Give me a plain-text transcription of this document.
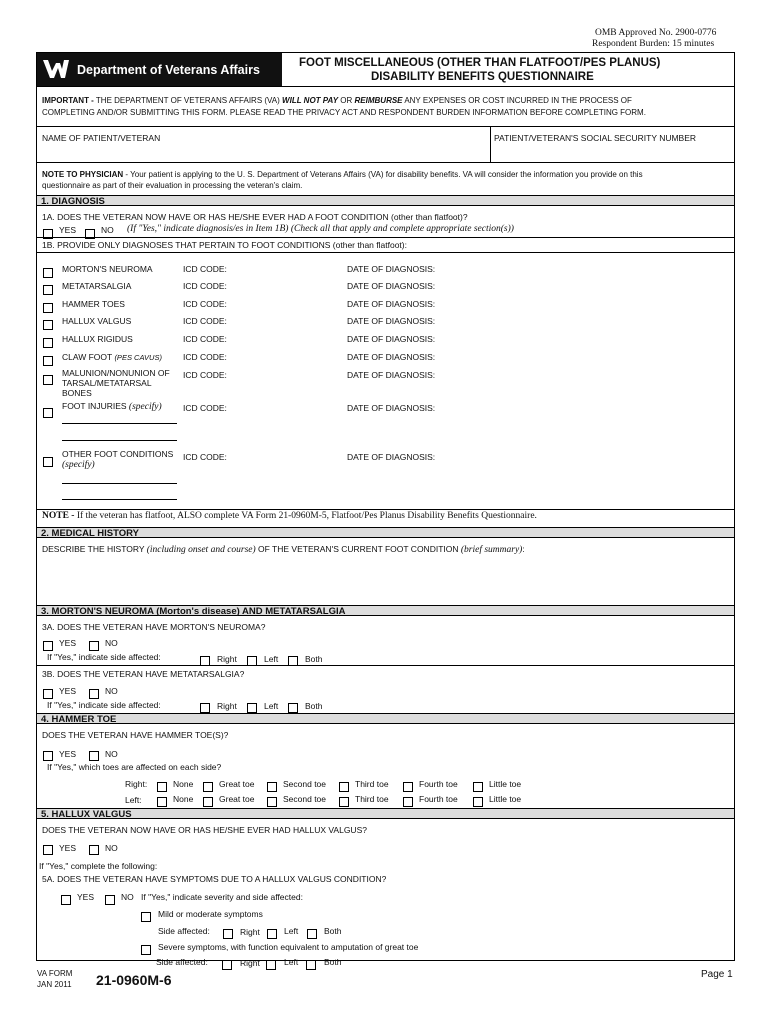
OMB Approved No. 2900-0776
Respondent Burden: 15 minutes
Department of Veterans Affairs	FOOT MISCELLANEOUS (OTHER THAN FLATFOOT/PES PLANUS)
DISABILITY BENEFITS QUESTIONNAIRE
IMPORTANT - THE DEPARTMENT OF VETERANS AFFAIRS (VA) WILL NOT PAY OR REIMBURSE ANY EXPENSES OR COST INCURRED IN THE PROCESS OF
COMPLETING AND/OR SUBMITTING THIS FORM. PLEASE READ THE PRIVACY ACT AND RESPONDENT BURDEN INFORMATION BEFORE COMPLETING FORM.
NAME OF PATIENT/VETERAN	PATIENT/VETERAN'S SOCIAL SECURITY NUMBER
NOTE TO PHYSICIAN - Your patient is applying to the U. S. Department of Veterans Affairs (VA) for disability benefits. VA will consider the information you provide on this
questionnaire as part of their evaluation in processing the veteran's claim.
1. DIAGNOSIS
1A. DOES THE VETERAN NOW HAVE OR HAS HE/SHE EVER HAD A FOOT CONDITION (other than flatfoot)?
YES	NO (If "Yes," indicate diagnosis/es in Item 1B) (Check all that apply and complete appropriate section(s))
1B. PROVIDE ONLY DIAGNOSES THAT PERTAIN TO FOOT CONDITIONS (other than flatfoot):
MORTON'S NEUROMA	ICD CODE:	DATE OF DIAGNOSIS:
METATARSALGIA	ICD CODE:	DATE OF DIAGNOSIS:
HAMMER TOES	ICD CODE:	DATE OF DIAGNOSIS:
HALLUX VALGUS	ICD CODE:	DATE OF DIAGNOSIS:
HALLUX RIGIDUS	ICD CODE:	DATE OF DIAGNOSIS:
CLAW FOOT (PES CAVUS) ICD CODE:	DATE OF DIAGNOSIS:
MALUNION/NONUNION OF
TARSAL/METATARSAL
BONES
ICD CODE:	DATE OF DIAGNOSIS:
FOOT INJURIES (specify)	ICD CODE:	DATE OF DIAGNOSIS:
OTHER FOOT CONDITIONS
(specify)
ICD CODE:	DATE OF DIAGNOSIS:
NOTE - If the veteran has flatfoot, ALSO complete VA Form 21-0960M-5, Flatfoot/Pes Planus Disability Benefits Questionnaire.
2. MEDICAL HISTORY
DESCRIBE THE HISTORY (including onset and course) OF THE VETERAN'S CURRENT FOOT CONDITION (brief summary):
3. MORTON'S NEUROMA (Morton's disease) AND METATARSALGIA
3A. DOES THE VETERAN HAVE MORTON'S NEUROMA?
YES	NO
If "Yes," indicate side affected:	Right	Left	Both
3B. DOES THE VETERAN HAVE METATARSALGIA?
YES	NO
If "Yes," indicate side affected:	Right	Left	Both
4. HAMMER TOE
DOES THE VETERAN HAVE HAMMER TOE(S)?
YES	NO
If "Yes," which toes are affected on each side?
Right:
Left:
None	Great toe	Second toe	Third toe	Fourth toe	Little toe
None	Great toe	Second toe	Third toe	Fourth toe	Little toe
5. HALLUX VALGUS
DOES THE VETERAN NOW HAVE OR HAS HE/SHE EVER HAD HALLUX VALGUS?
YES	NO
If "Yes," complete the following:
5A. DOES THE VETERAN HAVE SYMPTOMS DUE TO A HALLUX VALGUS CONDITION?
YES	NO If "Yes," indicate severity and side affected:
Mild or moderate symptoms
Side affected:	Right	Left	Both
Severe symptoms, with function equivalent to amputation of great toe
Side affected:	Right	Left	Both
VA FORM
JAN 2011 21-0960M-6	Page 1
